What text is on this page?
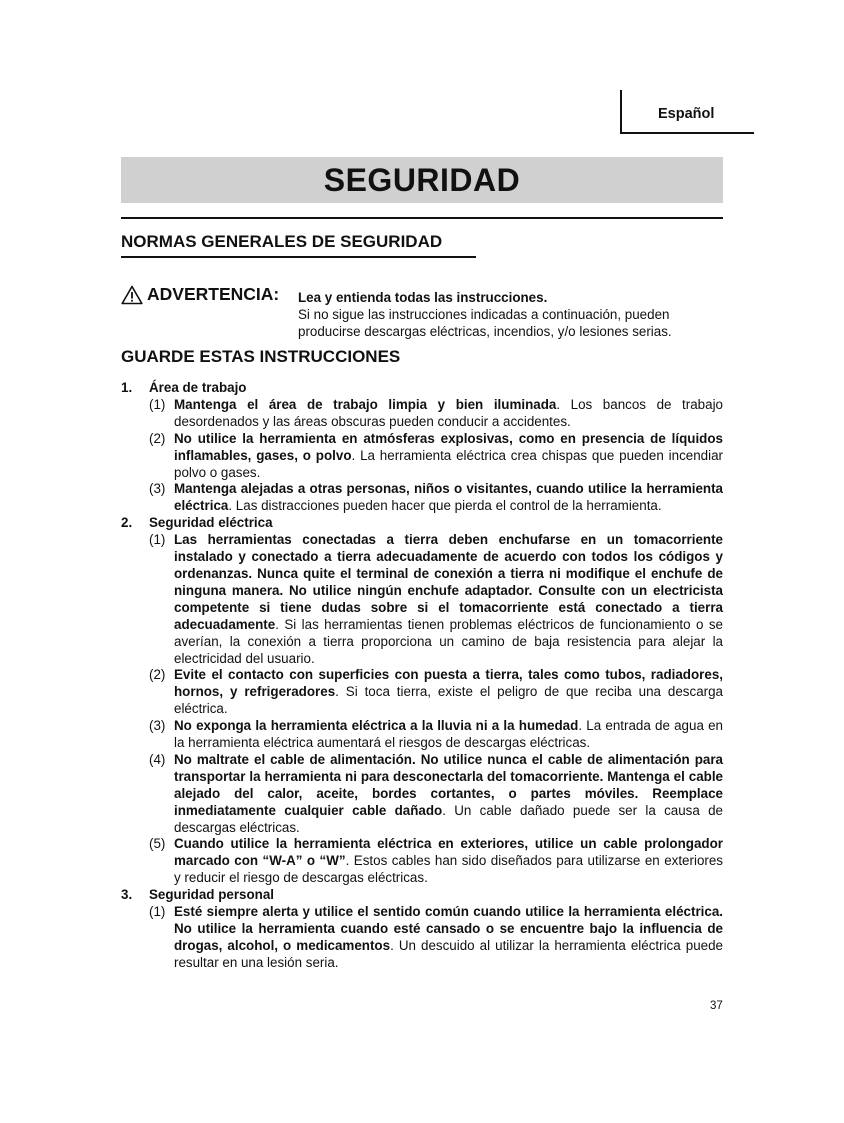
Español
SEGURIDAD
NORMAS GENERALES DE SEGURIDAD
ADVERTENCIA: Lea y entienda todas las instrucciones.
Si no sigue las instrucciones indicadas a continuación, pueden producirse descargas eléctricas, incendios, y/o lesiones serias.
GUARDE ESTAS INSTRUCCIONES
1. Área de trabajo
(1) Mantenga el área de trabajo limpia y bien iluminada. Los bancos de trabajo desordenados y las áreas obscuras pueden conducir a accidentes.
(2) No utilice la herramienta en atmósferas explosivas, como en presencia de líquidos inflamables, gases, o polvo. La herramienta eléctrica crea chispas que pueden incendiar polvo o gases.
(3) Mantenga alejadas a otras personas, niños o visitantes, cuando utilice la herramienta eléctrica. Las distracciones pueden hacer que pierda el control de la herramienta.
2. Seguridad eléctrica
(1) Las herramientas conectadas a tierra deben enchufarse en un tomacorriente instalado y conectado a tierra adecuadamente de acuerdo con todos los códigos y ordenanzas. Nunca quite el terminal de conexión a tierra ni modifique el enchufe de ninguna manera. No utilice ningún enchufe adaptador. Consulte con un electricista competente si tiene dudas sobre si el tomacorriente está conectado a tierra adecuadamente. Si las herramientas tienen problemas eléctricos de funcionamiento o se averían, la conexión a tierra proporciona un camino de baja resistencia para alejar la electricidad del usuario.
(2) Evite el contacto con superficies con puesta a tierra, tales como tubos, radiadores, hornos, y refrigeradores. Si toca tierra, existe el peligro de que reciba una descarga eléctrica.
(3) No exponga la herramienta eléctrica a la lluvia ni a la humedad. La entrada de agua en la herramienta eléctrica aumentará el riesgos de descargas eléctricas.
(4) No maltrate el cable de alimentación. No utilice nunca el cable de alimentación para transportar la herramienta ni para desconectarla del tomacorriente. Mantenga el cable alejado del calor, aceite, bordes cortantes, o partes móviles. Reemplace inmediatamente cualquier cable dañado. Un cable dañado puede ser la causa de descargas eléctricas.
(5) Cuando utilice la herramienta eléctrica en exteriores, utilice un cable prolongador marcado con “W-A” o “W”. Estos cables han sido diseñados para utilizarse en exteriores y reducir el riesgo de descargas eléctricas.
3. Seguridad personal
(1) Esté siempre alerta y utilice el sentido común cuando utilice la herramienta eléctrica. No utilice la herramienta cuando esté cansado o se encuentre bajo la influencia de drogas, alcohol, o medicamentos. Un descuido al utilizar la herramienta eléctrica puede resultar en una lesión seria.
37
